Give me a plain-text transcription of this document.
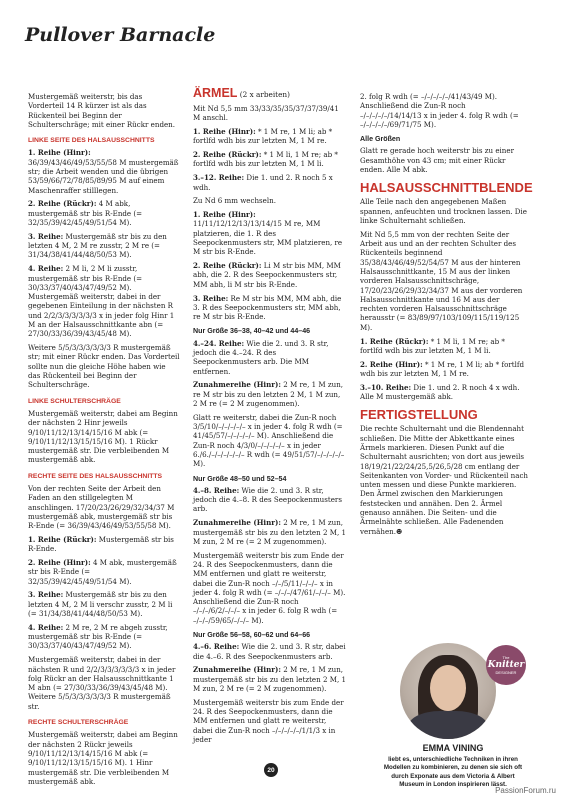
Pullover Barnacle

Mustergemäß weiterstr, bis das Vorderteil 14 R kürzer ist als das Rückenteil bei Beginn der Schulterschräge; mit einer Rückr enden.

LINKE SEITE DES HALSAUSSCHNITTS

1. Reihe (Hinr): 36/39/43/46/49/53/55/58 M mustergemäß str; die Arbeit wenden und die übrigen 53/59/66/72/78/85/89/95 M auf einem Maschenraffer stilllegen.

2. Reihe (Rückr): 4 M abk, mustergemäß str bis R-Ende (= 32/35/39/42/45/49/51/54 M).

3. Reihe: Mustergemäß str bis zu den letzten 4 M, 2 M re zusstr, 2 M re (= 31/34/38/41/44/48/50/53 M).

4. Reihe: 2 M li, 2 M li zusstr, mustergemäß str bis R-Ende (= 30/33/37/40/43/47/49/52 M). Mustergemäß weiterstr, dabei in der gegebenen Einteilung in der nächsten R und 2/2/3/3/3/3/3/3 x in jeder folg Hinr 1 M an der Halsausschnittkante abn (= 27/30/33/36/39/43/45/48 M).

Weitere 5/5/3/3/3/3/3/3 R mustergemäß str; mit einer Rückr enden. Das Vorderteil sollte nun die gleiche Höhe haben wie das Rückenteil bei Beginn der Schulterschräge.

LINKE SCHULTERSCHRÄGE

Mustergemäß weiterstr, dabei am Beginn der nächsten 2 Hinr jeweils 9/10/11/12/13/14/15/16 M abk (= 9/10/11/12/13/15/15/16 M). 1 Rückr mustergemäß str. Die verbleibenden M mustergemäß abk.

RECHTE SEITE DES HALSAUSSCHNITTS

Von der rechten Seite der Arbeit den Faden an den stillgelegten M anschlingen. 17/20/23/26/29/32/34/37 M mustergemäß abk, mustergemäß str bis R-Ende (= 36/39/43/46/49/53/55/58 M).

1. Reihe (Rückr): Mustergemäß str bis R-Ende.

2. Reihe (Hinr): 4 M abk, mustergemäß str bis R-Ende (= 32/35/39/42/45/49/51/54 M).

3. Reihe: Mustergemäß str bis zu den letzten 4 M, 2 M li verschr zusstr, 2 M li (= 31/34/38/41/44/48/50/53 M).

4. Reihe: 2 M re, 2 M re abgeh zusstr, mustergemäß str bis R-Ende (= 30/33/37/40/43/47/49/52 M).

Mustergemäß weiterstr, dabei in der nächsten R und 2/2/3/3/3/3/3/3 x in jeder folg Rückr an der Halsausschnittkante 1 M abn (= 27/30/33/36/39/43/45/48 M). Weitere 5/5/3/3/3/3/3/3 R mustergemäß str.

RECHTE SCHULTERSCHRÄGE

Mustergemäß weiterstr, dabei am Beginn der nächsten 2 Rückr jeweils 9/10/11/12/13/14/15/16 M abk (= 9/10/11/12/13/15/15/16 M). 1 Hinr mustergemäß str. Die verbleibenden M mustergemäß abk.

ÄRMEL (2 x arbeiten)

Mit Nd 5,5 mm 33/33/35/35/37/37/39/41 M anschl.

1. Reihe (Hinr): * 1 M re, 1 M li; ab * fortlfd wdh bis zur letzten M, 1 M re.

2. Reihe (Rückr): * 1 M li, 1 M re; ab * fortlfd wdh bis zur letzten M, 1 M li.

3.–12. Reihe: Die 1. und 2. R noch 5 x wdh.

Zu Nd 6 mm wechseln.

1. Reihe (Hinr): 11/11/12/12/13/13/14/15 M re, MM platzieren, die 1. R des Seepockenmusters str, MM platzieren, re M str bis R-Ende.

2. Reihe (Rückr): Li M str bis MM, MM abh, die 2. R des Seepockenmusters str, MM abh, li M str bis R-Ende.

3. Reihe: Re M str bis MM, MM abh, die 3. R des Seepockenmusters str, MM abh, re M str bis R-Ende.

Nur Größe 36–38, 40–42 und 44–46

4.–24. Reihe: Wie die 2. und 3. R str, jedoch die 4.–24. R des Seepockenmusters arb. Die MM entfernen.

Zunahmereihe (Hinr): 2 M re, 1 M zun, re M str bis zu den letzten 2 M, 1 M zun, 2 M re (= 2 M zugenommen).

Glatt re weiterstr, dabei die Zun-R noch 3/5/10/–/–/–/–/– x in jeder 4. folg R wdh (= 41/45/57/–/–/–/–/– M). Anschließend die Zun-R noch 4/3/0/–/–/–/–/– x in jeder 6./6./–/–/–/–/–/– R wdh (= 49/51/57/–/–/–/–/– M).

Nur Größe 48–50 und 52–54

4.–8. Reihe: Wie die 2. und 3. R str, jedoch die 4.–8. R des Seepockenmusters arb.

Zunahmereihe (Hinr): 2 M re, 1 M zun, mustergemäß str bis zu den letzten 2 M, 1 M zun, 2 M re (= 2 M zugenommen).

Mustergemäß weiterstr bis zum Ende der 24. R des Seepockenmusters, dann die MM entfernen und glatt re weiterstr, dabei die Zun-R noch –/–/5/11/–/–/– x in jeder 4. folg R wdh (= –/–/–/47/61/–/–/– M). Anschließend die Zun-R noch –/–/–/6/2/–/–/– x in jeder 6. folg R wdh (= –/–/–/59/65/–/–/– M).

Nur Größe 56–58, 60–62 und 64–66

4.–6. Reihe: Wie die 2. und 3. R str, dabei die 4.–6. R des Seepockenmusters arb.

Zunahmereihe (Hinr): 2 M re, 1 M zun, mustergemäß str bis zu den letzten 2 M, 1 M zun, 2 M re (= 2 M zugenommen).

Mustergemäß weiterstr bis zum Ende der 24. R des Seepockenmusters, dann die MM entfernen und glatt re weiterstr, dabei die Zun-R noch –/–/–/–/–/1/1/3 x in jeder

2. folg R wdh (= –/–/–/–/–/41/43/49 M). Anschließend die Zun-R noch –/–/–/–/–/14/14/13 x in jeder 4. folg R wdh (= –/–/–/–/–/69/71/75 M).

Alle Größen

Glatt re gerade hoch weiterstr bis zu einer Gesamthöhe von 43 cm; mit einer Rückr enden. Alle M abk.

HALSAUSSCHNITTBLENDE

Alle Teile nach den angegebenen Maßen spannen, anfeuchten und trocknen lassen. Die linke Schulternaht schließen.

Mit Nd 5,5 mm von der rechten Seite der Arbeit aus und an der rechten Schulter des Rückenteils beginnend 35/38/43/46/49/52/54/57 M aus der hinteren Halsausschnittkante, 15 M aus der linken vorderen Halsausschnittschräge, 17/20/23/26/29/32/34/37 M aus der vorderen Halsausschnittkante und 16 M aus der rechten vorderen Halsausschnittschräge herausstr (= 83/89/97/103/109/115/119/125 M).

1. Reihe (Rückr): * 1 M li, 1 M re; ab * fortlfd wdh bis zur letzten M, 1 M li.

2. Reihe (Hinr): * 1 M re, 1 M li; ab * fortlfd wdh bis zur letzten M, 1 M re.

3.–10. Reihe: Die 1. und 2. R noch 4 x wdh. Alle M mustergemäß abk.

FERTIGSTELLUNG

Die rechte Schulternaht und die Blendennaht schließen. Die Mitte der Abkettkante eines Ärmels markieren. Diesen Punkt auf die Schulternaht ausrichten; von dort aus jeweils 18/19/21/22/24/25,5/26,5/28 cm entlang der Seitenkanten von Vorder- und Rückenteil nach unten messen und diese Punkte markieren. Den Ärmel zwischen den Markierungen feststecken und annähen. Den 2. Ärmel genauso annähen. Die Seiten- und die Ärmelnähte schließen. Alle Fadenenden vernähen.☻

The
Knitter
DESIGNER
EMMA VINING
liebt es, unterschiedliche Techniken in ihren Modellen zu kombinieren, zu denen sie sich oft durch Exponate aus dem Victoria & Albert Museum in London inspirieren lässt.
20
PassionForum.ru
